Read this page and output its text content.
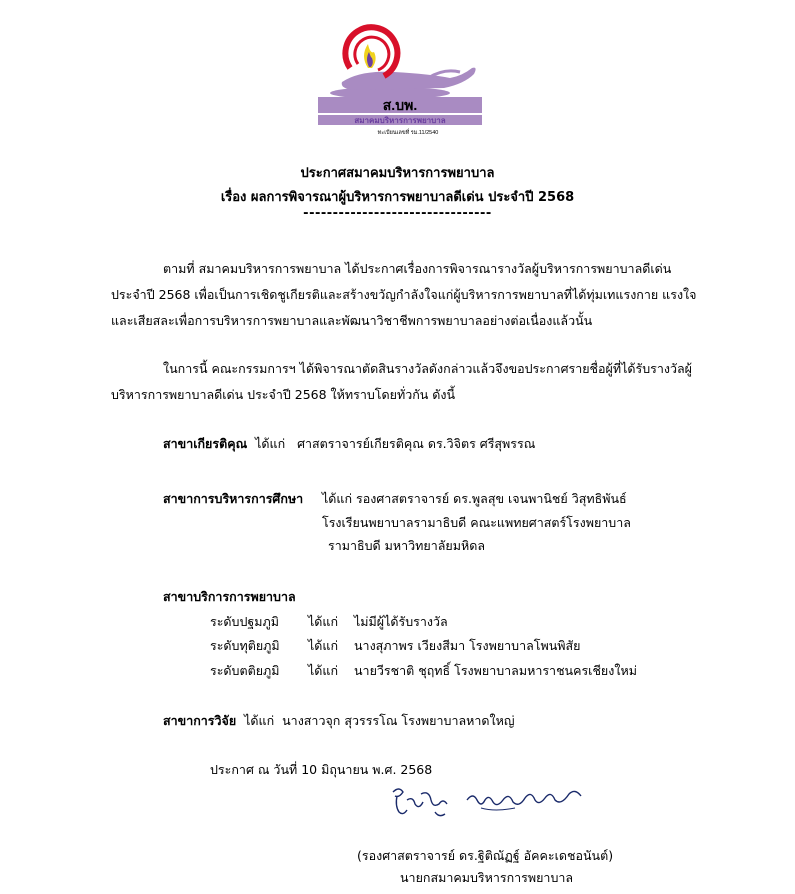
ส.บพ.
สมาคมบริหารการพยาบาล
ทะเบียนเลขที่ รม.11/2540
ประกาศสมาคมบริหารการพยาบาล
เรื่อง ผลการพิจารณาผู้บริหารการพยาบาลดีเด่น ประจำปี 2568
--------------------------------
ตามที่ สมาคมบริหารการพยาบาล ได้ประกาศเรื่องการพิจารณารางวัลผู้บริหารการพยาบาลดีเด่น ประจำปี 2568 เพื่อเป็นการเชิดชูเกียรติและสร้างขวัญกำลังใจแก่ผู้บริหารการพยาบาลที่ได้ทุ่มเทแรงกาย แรงใจ และเสียสละเพื่อการบริหารการพยาบาลและพัฒนาวิชาชีพการพยาบาลอย่างต่อเนื่องแล้วนั้น
ในการนี้ คณะกรรมการฯ ได้พิจารณาตัดสินรางวัลดังกล่าวแล้วจึงขอประกาศรายชื่อผู้ที่ได้รับรางวัลผู้บริหารการพยาบาลดีเด่น ประจำปี 2568 ให้ทราบโดยทั่วกัน ดังนี้
สาขาเกียรติคุณ ได้แก่ ศาสตราจารย์เกียรติคุณ ดร.วิจิตร ศรีสุพรรณ
สาขาการบริหารการศึกษา ได้แก่ รองศาสตราจารย์ ดร.พูลสุข เจนพานิชย์ วิสุทธิพันธ์
โรงเรียนพยาบาลรามาธิบดี คณะแพทยศาสตร์โรงพยาบาล
รามาธิบดี มหาวิทยาลัยมหิดล
สาขาบริการการพยาบาล
ระดับปฐมภูมิ ได้แก่ ไม่มีผู้ได้รับรางวัล
ระดับทุติยภูมิ ได้แก่ นางสุภาพร เวียงสีมา โรงพยาบาลโพนพิสัย
ระดับตติยภูมิ ได้แก่ นายวีรชาติ ชุฤทธิ์ โรงพยาบาลมหาราชนครเชียงใหม่
สาขาการวิจัย ได้แก่ นางสาวจุก สุวรรรโณ โรงพยาบาลหาดใหญ่
ประกาศ ณ วันที่ 10 มิถุนายน พ.ศ. 2568
(รองศาสตราจารย์ ดร.ฐิติณัฏฐ์ อัคคะเดชอนันต์)
นายกสมาคมบริหารการพยาบาล
